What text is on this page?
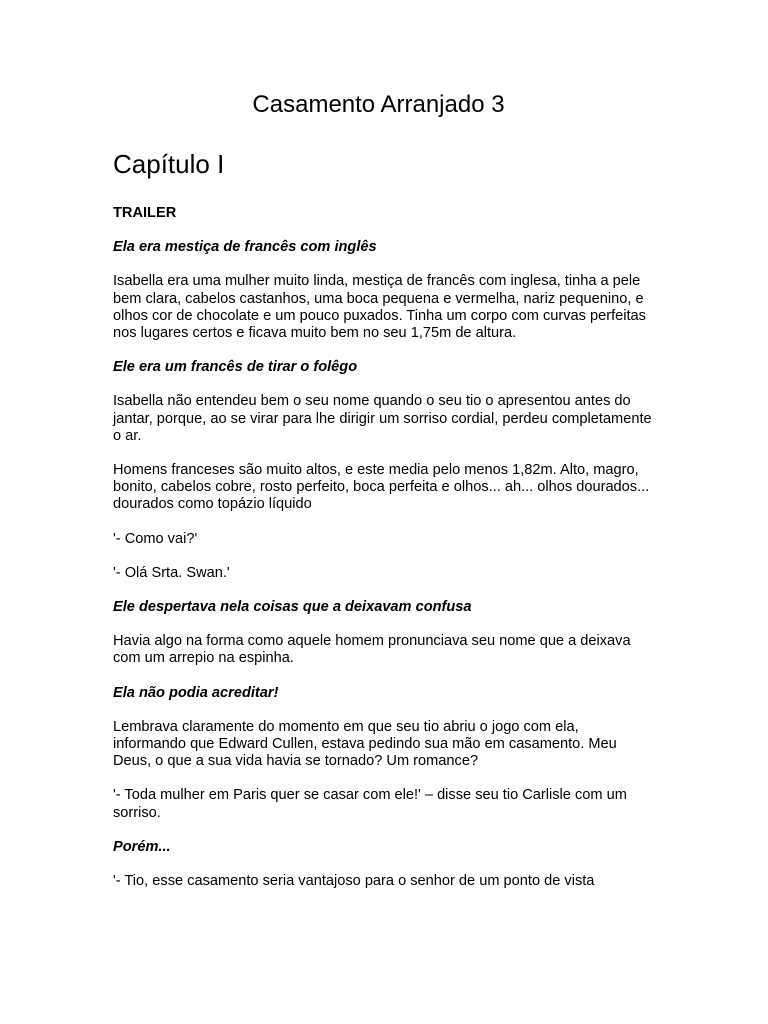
Casamento Arranjado 3
Capítulo I

TRAILER

Ela era mestiça de francês com inglês

Isabella era uma mulher muito linda, mestiça de francês com inglesa, tinha a pele bem clara, cabelos castanhos, uma boca pequena e vermelha, nariz pequenino, e olhos cor de chocolate e um pouco puxados. Tinha um corpo com curvas perfeitas nos lugares certos e ficava muito bem no seu 1,75m de altura.

Ele era um francês de tirar o folêgo

Isabella não entendeu bem o seu nome quando o seu tio o apresentou antes do jantar, porque, ao se virar para lhe dirigir um sorriso cordial, perdeu completamente o ar.

Homens franceses são muito altos, e este media pelo menos 1,82m. Alto, magro, bonito, cabelos cobre, rosto perfeito, boca perfeita e olhos... ah... olhos dourados... dourados como topázio líquido

'- Como vai?'

'- Olá Srta. Swan.'

Ele despertava nela coisas que a deixavam confusa

Havia algo na forma como aquele homem pronunciava seu nome que a deixava com um arrepio na espinha.

Ela não podia acreditar!

Lembrava claramente do momento em que seu tio abriu o jogo com ela, informando que Edward Cullen, estava pedindo sua mão em casamento. Meu Deus, o que a sua vida havia se tornado? Um romance?

'- Toda mulher em Paris quer se casar com ele!' – disse seu tio Carlisle com um sorriso.

Porém...

'- Tio, esse casamento seria vantajoso para o senhor de um ponto de vista
